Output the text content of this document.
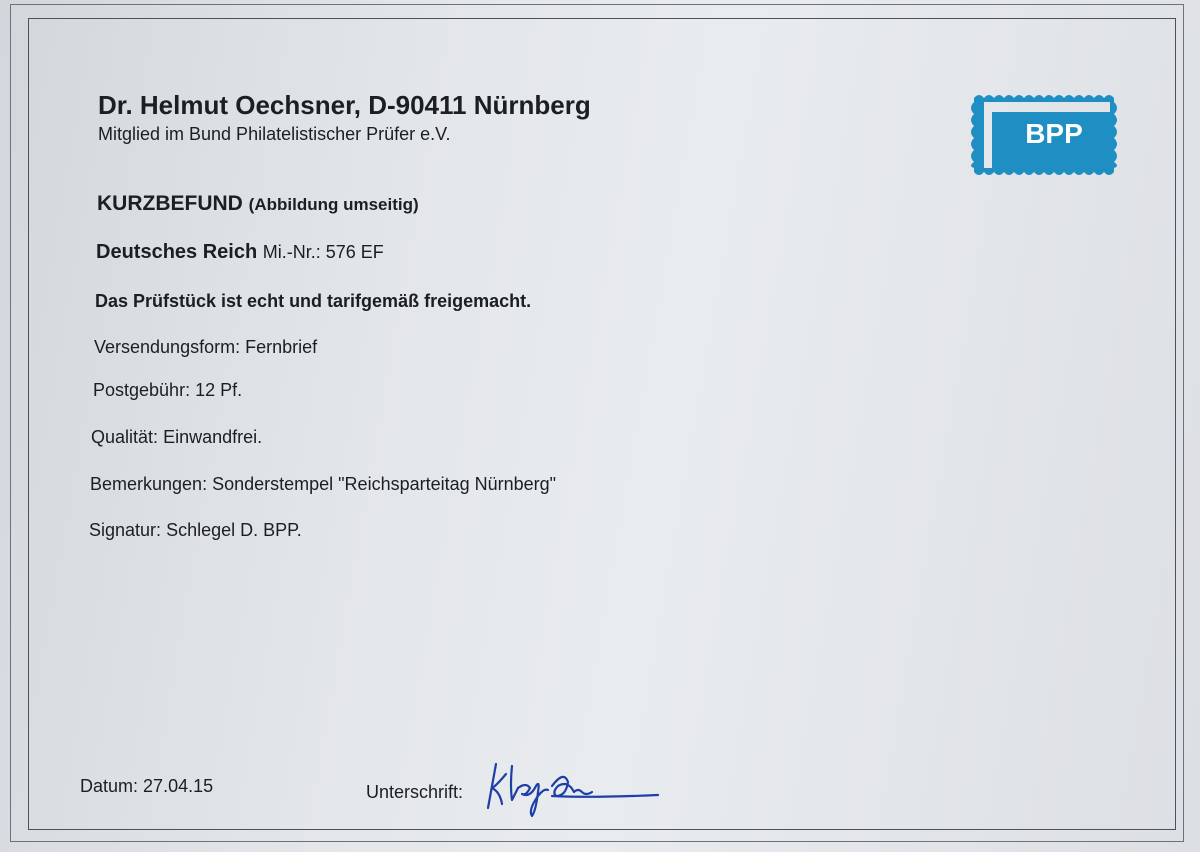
Dr. Helmut Oechsner, D-90411 Nürnberg
Mitglied im Bund Philatelistischer Prüfer e.V.	BPP
KURZBEFUND (Abbildung umseitig)
Deutsches Reich Mi.-Nr.: 576 EF
Das Prüfstück ist echt und tarifgemäß freigemacht.
Versendungsform: Fernbrief
Postgebühr: 12 Pf.
Qualität: Einwandfrei.
Bemerkungen: Sonderstempel "Reichsparteitag Nürnberg"
Signatur: Schlegel D. BPP.
Datum: 27.04.15	Unterschrift:
